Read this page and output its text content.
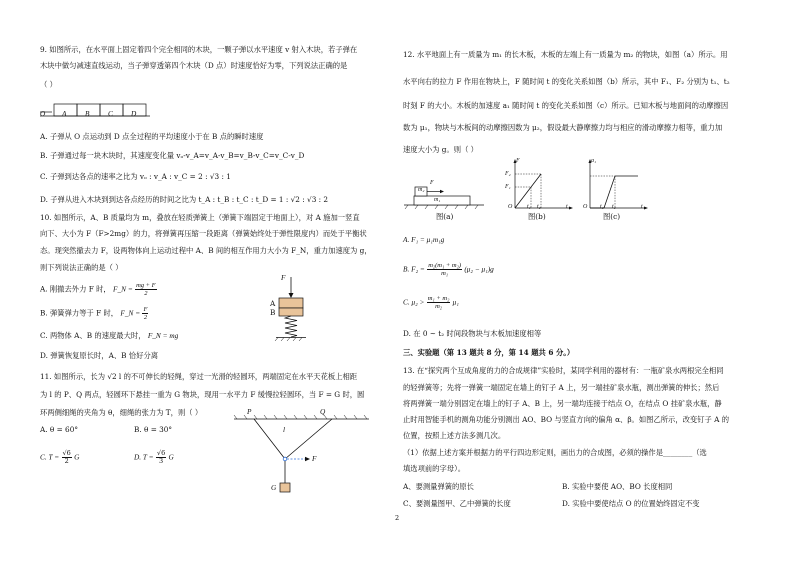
9. 如图所示，在水平面上固定着四个完全相同的木块，一颗子弹以水平速度 v 射入木块，若子弹在
木块中做匀减速直线运动，当子弹穿透第四个木块（D 点）时速度恰好为零，下列说法正确的是
（ ）
O A	B	C D
A. 子弹从 O 点运动到 D 点全过程的平均速度小于在 B 点的瞬时速度
B. 子弹通过每一块木块时，其速度变化量 vₒ-v_A=v_A-v_B=v_B-v_C=v_C-v_D
C. 子弹到达各点的速率之比为 vₒ : v_A : v_C = 2 : √3 : 1
D. 子弹从进入木块到到达各点经历的时间之比为 t_A : t_B : t_C : t_D = 1 : √2 : √3 : 2
10. 如图所示，A、B 质量均为 m，叠放在轻质弹簧上（弹簧下端固定于地面上），对 A 施加一竖直
向下、大小为 F（F>2mg）的力，将弹簧再压缩一段距离（弹簧始终处于弹性限度内）而处于平衡状
态。现突然撤去力 F，设两物体向上运动过程中 A、B 间的相互作用力大小为 F_N，重力加速度为 g，
则下列说法正确的是（ ）
A. 刚撤去外力 F 时， F_N = $\frac{mg + F}{2}$
B. 弹簧弹力等于 F 时， F_N = $\frac{F}{2}$
C. 两物体 A、B 的速度最大时， F_N = mg
D. 弹簧恢复原长时，A、B 恰好分离
F
A
B
11. 如图所示，长为 √2 l 的不可伸长的轻绳，穿过一光滑的轻圆环，两端固定在水平天花板上相距
为 l 的 P、Q 两点，轻圆环下悬挂一重为 G 物块，现用一水平力 F 缓慢拉轻圆环，当 F = G 时，圆
环两侧细绳的夹角为 θ，细绳的张力为 T，则（ ）
A. θ = 60°	B. θ = 30°
C. $T = \frac{√6}{2}$ G	D. $T = \frac{√6}{3}$ G
P	Q
l
F
G
12. 水平地面上有一质量为 m₁ 的长木板，木板的左端上有一质量为 m₂ 的物块，如图（a）所示。用
水平向右的拉力 F 作用在物块上，F 随时间 t 的变化关系如图（b）所示，其中 F₁、F₂ 分别为 t₁、t₂
时刻 F 的大小。木板的加速度 a₁ 随时间 t 的变化关系如图（c）所示。已知木板与地面间的动摩擦因
数为 μ₁，物块与木板间的动摩擦因数为 μ₂，假设最大静摩擦力均与相应的滑动摩擦力相等，重力加
速度大小为 g。则（ ）
m₂
m₁
F
图(a)
F
F₂
F₁
O t₁ t₂	t
图(b)
a₁
O t₁ t₂	t
图(c)
A. F₁ = μ₁m₁g
B. $F_2 = \frac{\text{m₂(m₁ + m₂)}}{\text{m₁}} (\mu_2 - \mu_1)g$
C. $\mu_2 > \frac{\text{m₁ + m₂}}{\text{m₂}} \mu_1$
D. 在 0 ~ t₂ 时间段物块与木板加速度相等
三、实验题（第 13 题共 8 分，第 14 题共 6 分。）
13. 在“探究两个互成角度的力的合成规律”实验时，某同学利用的器材有：一瓶矿泉水两根完全相同
的轻弹簧等；先将一弹簧一端固定在墙上的钉子 A 上，另一端挂矿泉水瓶，测出弹簧的伸长；然后
将两弹簧一端分别固定在墙上的钉子 A、B 上，另一端均连接于结点 O，在结点 O 挂矿泉水瓶，静
止时用智能手机的测角功能分别测出 AO、BO 与竖直方向的偏角 α、β。如图乙所示，改变钉子 A 的
位置，按照上述方法多测几次。
（1）依据上述方案并根据力的平行四边形定则，画出力的合成图，必须的操作是________（选
填选项前的字母）。
A、要测量弹簧的原长	B. 实验中要使 AO、BO 长度相同
C、要测量图甲、乙中弹簧的长度	D. 实验中要使结点 O 的位置始终固定不变
2
